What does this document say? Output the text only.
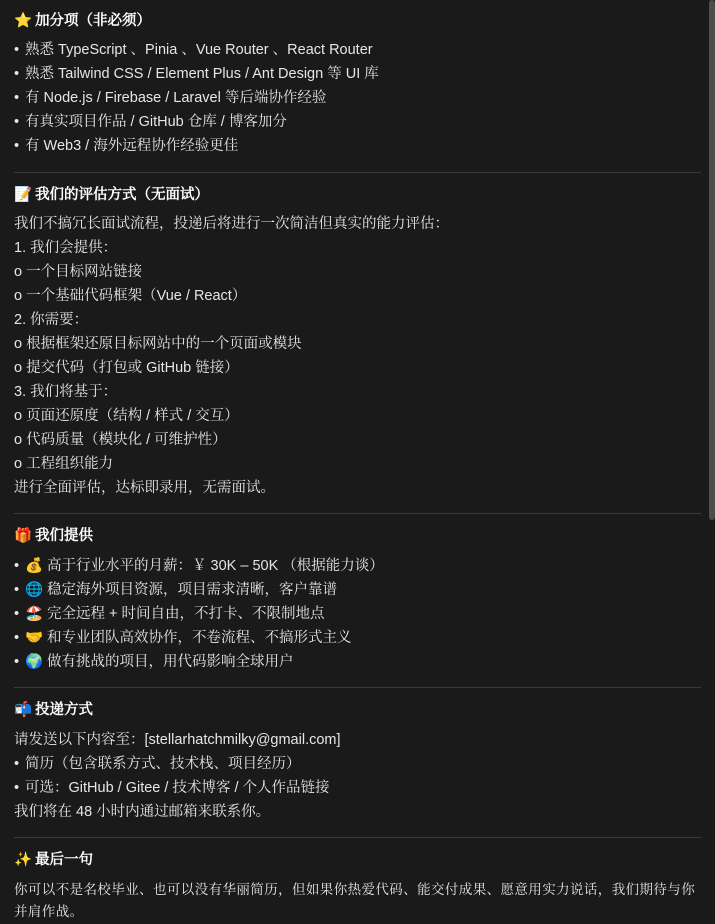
⭐ 加分项（非必须）
• 熟悉 TypeScript 、Pinia 、Vue Router 、React Router
• 熟悉 Tailwind CSS / Element Plus / Ant Design 等 UI 库
• 有 Node.js / Firebase / Laravel 等后端协作经验
• 有真实项目作品 / GitHub 仓库 / 博客加分
• 有 Web3 / 海外远程协作经验更佳
📝 我们的评估方式（无面试）
我们不搞冗长面试流程，投递后将进行一次简洁但真实的能力评估：
1. 我们会提供：
o 一个目标网站链接
o 一个基础代码框架（Vue / React）
2. 你需要：
o 根据框架还原目标网站中的一个页面或模块
o 提交代码（打包或 GitHub 链接）
3. 我们将基于：
o 页面还原度（结构 / 样式 / 交互）
o 代码质量（模块化 / 可维护性）
o 工程组织能力
进行全面评估，达标即录用，无需面试。
🎁 我们提供
• 💰 高于行业水平的月薪：￥ 30K – 50K （根据能力谈）
• 🌐 稳定海外项目资源，项目需求清晰，客户靠谱
• 🏖️ 完全远程 + 时间自由，不打卡、不限制地点
• 🤝 和专业团队高效协作，不卷流程、不搞形式主义
• 🌍 做有挑战的项目，用代码影响全球用户
📬 投递方式
请发送以下内容至：[stellarhatchmilky@gmail.com]
• 简历（包含联系方式、技术栈、项目经历）
• 可选：GitHub / Gitee / 技术博客 / 个人作品链接
我们将在 48 小时内通过邮箱来联系你。
✨ 最后一句
你可以不是名校毕业、也可以没有华丽简历，但如果你热爱代码、能交付成果、愿意用实力说话，我们期待与你并肩作战。
